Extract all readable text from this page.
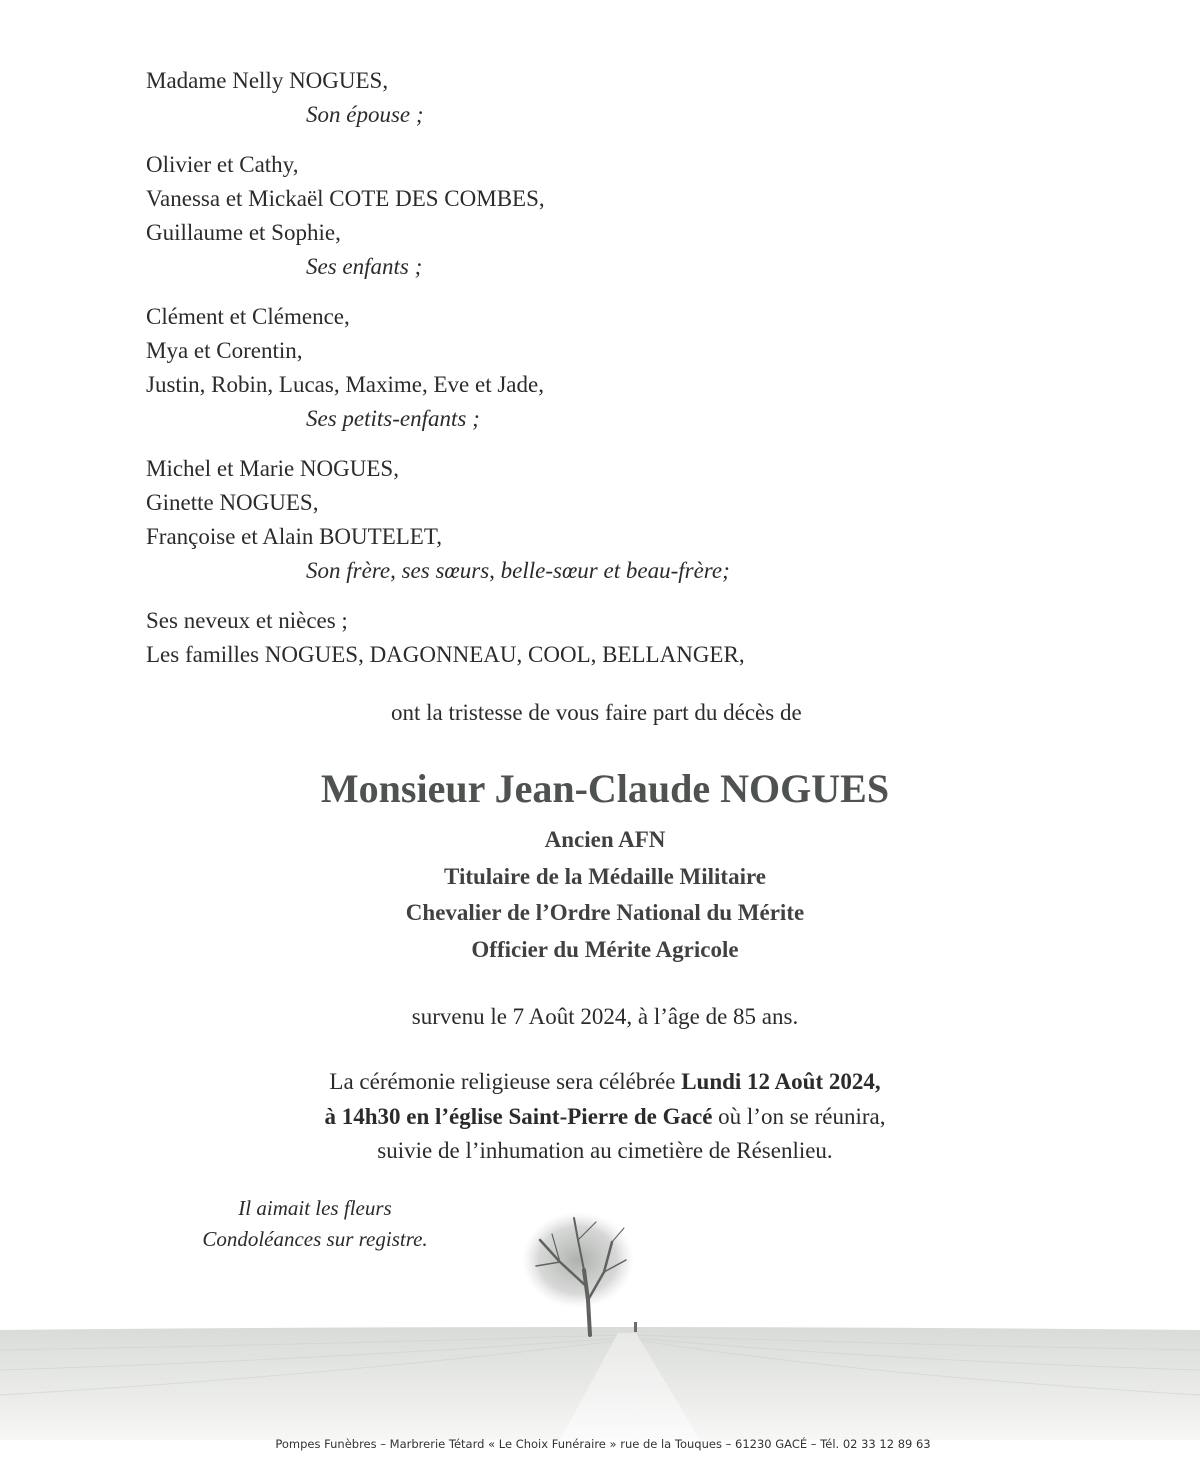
Madame Nelly NOGUES,
Son épouse ;
Olivier et Cathy,
Vanessa et Mickaël COTE DES COMBES,
Guillaume et Sophie,
Ses enfants ;
Clément et Clémence,
Mya et Corentin,
Justin, Robin, Lucas, Maxime, Eve et Jade,
Ses petits-enfants ;
Michel et Marie NOGUES,
Ginette NOGUES,
Françoise et Alain BOUTELET,
Son frère, ses sœurs, belle-sœur et beau-frère;
Ses neveux et nièces ;
Les familles NOGUES, DAGONNEAU, COOL, BELLANGER,
ont la tristesse de vous faire part du décès de
Monsieur Jean-Claude NOGUES
Ancien AFN
Titulaire de la Médaille Militaire
Chevalier de l’Ordre National du Mérite
Officier du Mérite Agricole
survenu le 7 Août 2024, à l’âge de 85 ans.
La cérémonie religieuse sera célébrée Lundi 12 Août 2024,
à 14h30 en l’église Saint-Pierre de Gacé où l’on se réunira,
suivie de l’inhumation au cimetière de Résenlieu.
Il aimait les fleurs
Condoléances sur registre.
Pompes Funèbres – Marbrerie Tétard « Le Choix Funéraire » rue de la Touques – 61230 GACÉ – Tél. 02 33 12 89 63
